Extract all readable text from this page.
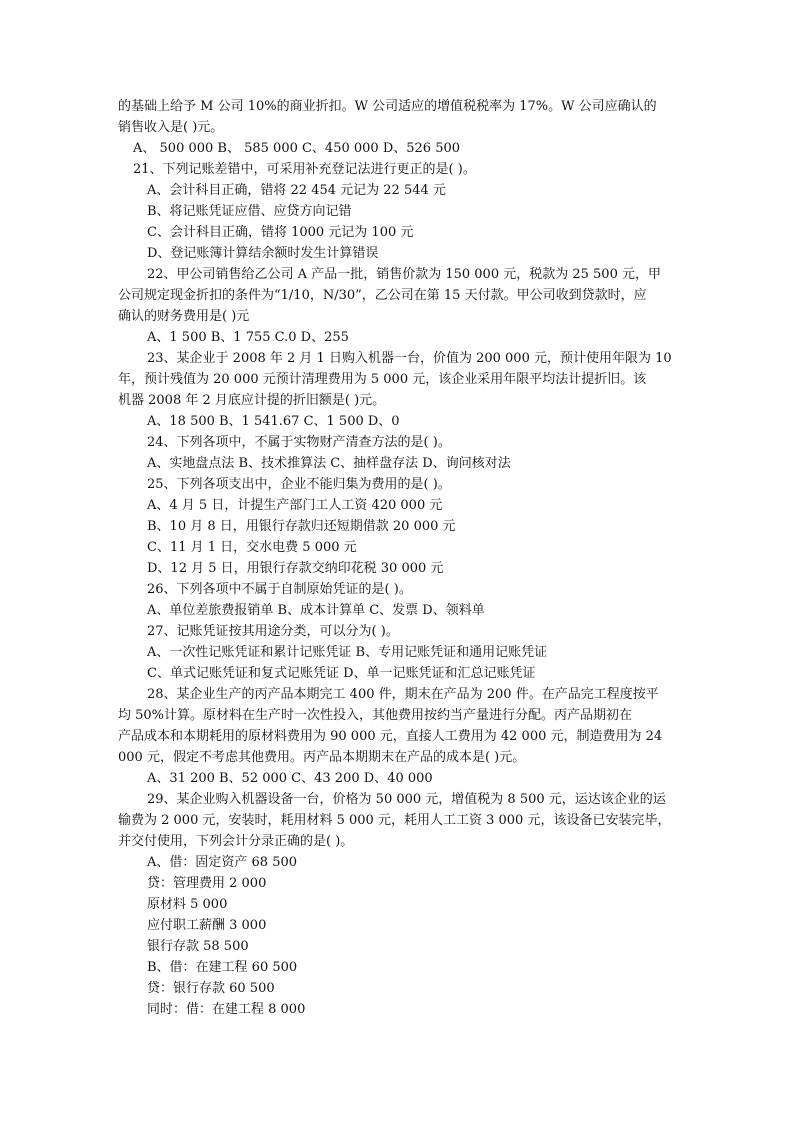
的基础上给予 M 公司 10%的商业折扣。W 公司适应的增值税税率为 17%。W 公司应确认的
销售收入是( )元。
A、 500 000 B、 585 000 C、450 000 D、526 500
21、下列记账差错中，可采用补充登记法进行更正的是( )。
A、会计科目正确，错将 22 454 元记为 22 544 元
B、将记账凭证应借、应贷方向记错
C、会计科目正确，错将 1000 元记为 100 元
D、登记账簿计算结余额时发生计算错误
22、甲公司销售给乙公司 A 产品一批，销售价款为 150 000 元，税款为 25 500 元，甲
公司规定现金折扣的条件为“1/10，N/30”，乙公司在第 15 天付款。甲公司收到贷款时，应
确认的财务费用是( )元
A、1 500 B、1 755 C.0 D、255
23、某企业于 2008 年 2 月 1 日购入机器一台，价值为 200 000 元，预计使用年限为 10
年，预计残值为 20 000 元预计清理费用为 5 000 元，该企业采用年限平均法计提折旧。该
机器 2008 年 2 月底应计提的折旧额是( )元。
A、18 500 B、1 541.67 C、1 500 D、0
24、下列各项中，不属于实物财产清查方法的是( )。
A、实地盘点法 B、技术推算法 C、抽样盘存法 D、询问核对法
25、下列各项支出中，企业不能归集为费用的是( )。
A、4 月 5 日，计提生产部门工人工资 420 000 元
B、10 月 8 日，用银行存款归还短期借款 20 000 元
C、11 月 1 日，交水电费 5 000 元
D、12 月 5 日，用银行存款交纳印花税 30 000 元
26、下列各项中不属于自制原始凭证的是( )。
A、单位差旅费报销单 B、成本计算单 C、发票 D、领料单
27、记账凭证按其用途分类，可以分为( )。
A、一次性记账凭证和累计记账凭证 B、专用记账凭证和通用记账凭证
C、单式记账凭证和复式记账凭证 D、单一记账凭证和汇总记账凭证
28、某企业生产的丙产品本期完工 400 件，期末在产品为 200 件。在产品完工程度按平
均 50%计算。原材料在生产时一次性投入，其他费用按约当产量进行分配。丙产品期初在
产品成本和本期耗用的原材料费用为 90 000 元，直接人工费用为 42 000 元，制造费用为 24
000 元，假定不考虑其他费用。丙产品本期期末在产品的成本是( )元。
A、31 200 B、52 000 C、43 200 D、40 000
29、某企业购入机器设备一台，价格为 50 000 元，增值税为 8 500 元，运达该企业的运
输费为 2 000 元，安装时，耗用材料 5 000 元，耗用人工工资 3 000 元，该设备已安装完毕，
并交付使用，下列会计分录正确的是( )。
A、借：固定资产 68 500
贷：管理费用 2 000
原材料 5 000
应付职工薪酬 3 000
银行存款 58 500
B、借：在建工程 60 500
贷：银行存款 60 500
同时：借：在建工程 8 000
